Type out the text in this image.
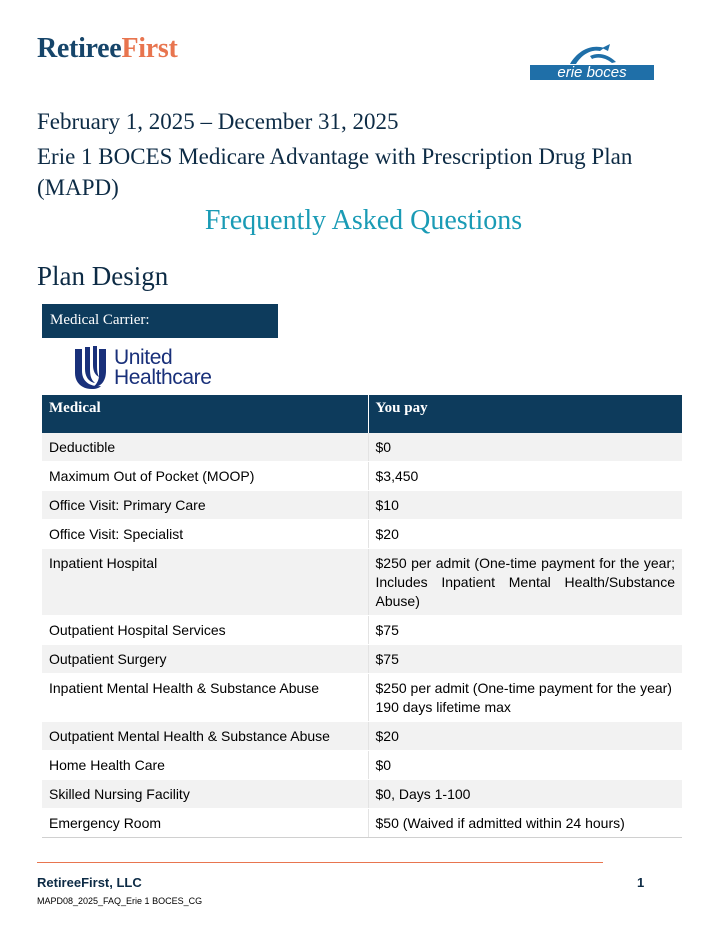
RetireeFirst
erie boces
February 1, 2025 – December 31, 2025
Erie 1 BOCES Medicare Advantage with Prescription Drug Plan (MAPD)
Frequently Asked Questions
Plan Design
Medical Carrier:
United
Healthcare
Medical	You pay
Deductible	$0
Maximum Out of Pocket (MOOP)	$3,450
Office Visit: Primary Care	$10
Office Visit: Specialist	$20
Inpatient Hospital	$250 per admit (One-time payment for the year; Includes Inpatient Mental Health/Substance Abuse)
Outpatient Hospital Services	$75
Outpatient Surgery	$75
Inpatient Mental Health & Substance Abuse	$250 per admit (One-time payment for the year)
190 days lifetime max

Outpatient Mental Health & Substance Abuse	$20
Home Health Care	$0
Skilled Nursing Facility	$0, Days 1-100
Emergency Room	$50 (Waived if admitted within 24 hours)
RetireeFirst, LLC	1
MAPD08_2025_FAQ_Erie 1 BOCES_CG
